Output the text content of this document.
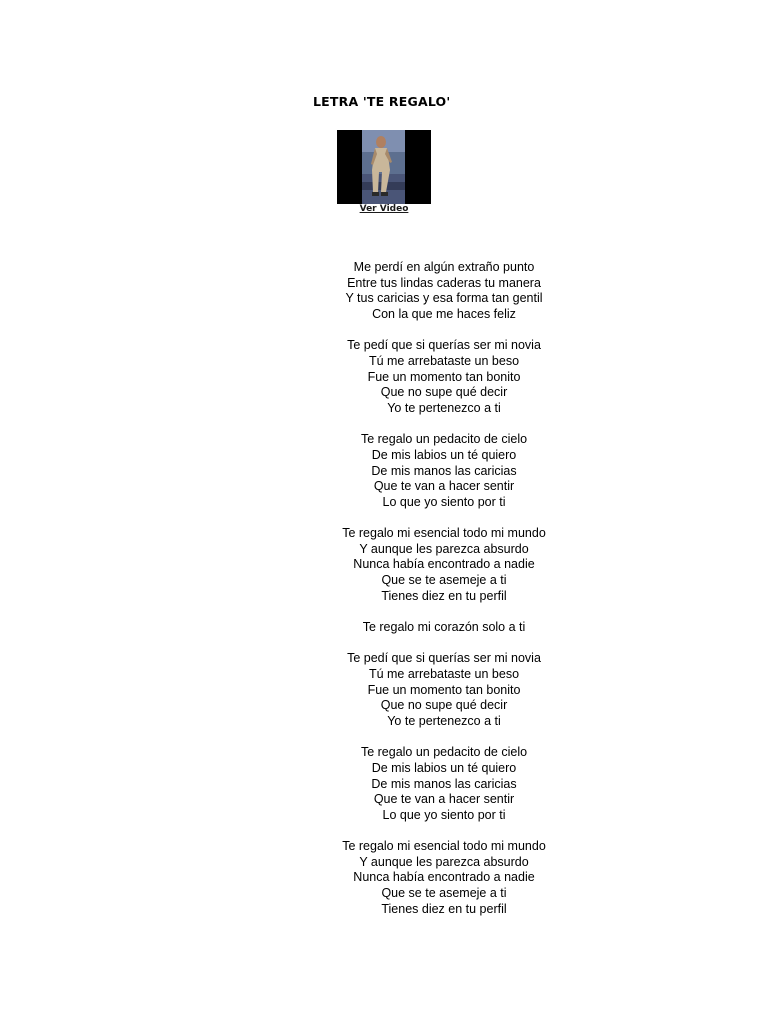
LETRA 'TE REGALO'
Ver Video
Me perdí en algún extraño punto
Entre tus lindas caderas tu manera
Y tus caricias y esa forma tan gentil
Con la que me haces feliz
Te pedí que si querías ser mi novia
Tú me arrebataste un beso
Fue un momento tan bonito
Que no supe qué decir
Yo te pertenezco a ti
Te regalo un pedacito de cielo
De mis labios un té quiero
De mis manos las caricias
Que te van a hacer sentir
Lo que yo siento por ti
Te regalo mi esencial todo mi mundo
Y aunque les parezca absurdo
Nunca había encontrado a nadie
Que se te asemeje a ti
Tienes diez en tu perfil
Te regalo mi corazón solo a ti
Te pedí que si querías ser mi novia
Tú me arrebataste un beso
Fue un momento tan bonito
Que no supe qué decir
Yo te pertenezco a ti
Te regalo un pedacito de cielo
De mis labios un té quiero
De mis manos las caricias
Que te van a hacer sentir
Lo que yo siento por ti
Te regalo mi esencial todo mi mundo
Y aunque les parezca absurdo
Nunca había encontrado a nadie
Que se te asemeje a ti
Tienes diez en tu perfil
